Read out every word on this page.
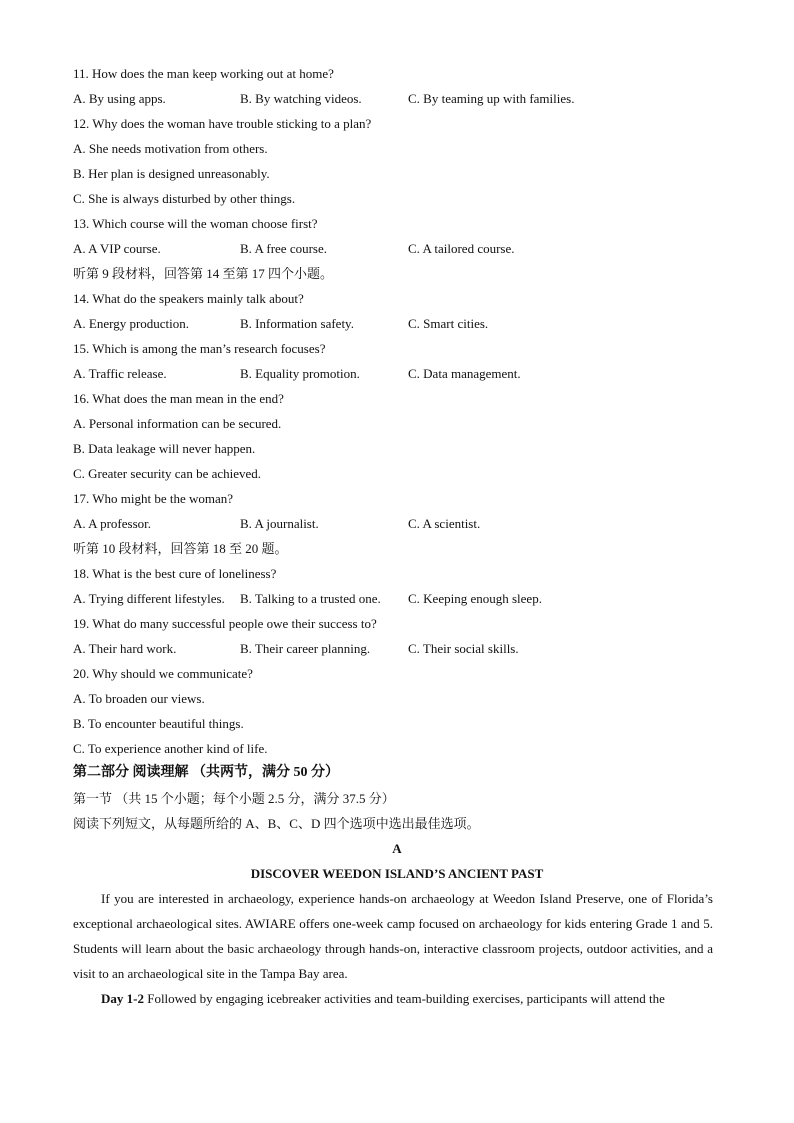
11. How does the man keep working out at home?
A. By using apps.	B. By watching videos.	C. By teaming up with families.
12. Why does the woman have trouble sticking to a plan?
A. She needs motivation from others.
B. Her plan is designed unreasonably.
C. She is always disturbed by other things.
13. Which course will the woman choose first?
A. A VIP course.	B. A free course.	C. A tailored course.
听第 9 段材料，回答第 14 至第 17 四个小题。
14. What do the speakers mainly talk about?
A. Energy production.	B. Information safety.	C. Smart cities.
15. Which is among the man’s research focuses?
A. Traffic release.	B. Equality promotion.	C. Data management.
16. What does the man mean in the end?
A. Personal information can be secured.
B. Data leakage will never happen.
C. Greater security can be achieved.
17. Who might be the woman?
A. A professor.	B. A journalist.	C. A scientist.
听第 10 段材料，回答第 18 至 20 题。
18. What is the best cure of loneliness?
A. Trying different lifestyles. B. Talking to a trusted one. C. Keeping enough sleep.
19. What do many successful people owe their success to?
A. Their hard work.	B. Their career planning.	C. Their social skills.
20. Why should we communicate?
A. To broaden our views.
B. To encounter beautiful things.
C. To experience another kind of life.
第二部分 阅读理解 （共两节，满分 50 分）
第一节 （共 15 个小题；每个小题 2.5 分，满分 37.5 分）
阅读下列短文，从每题所给的 A、B、C、D 四个选项中选出最佳选项。
A
DISCOVER WEEDON ISLAND’S ANCIENT PAST

If you are interested in archaeology, experience hands-on archaeology at Weedon Island Preserve, one of Florida’s exceptional archaeological sites. AWIARE offers one-week camp focused on archaeology for kids entering Grade 1 and 5. Students will learn about the basic archaeology through hands-on, interactive classroom projects, outdoor activities, and a visit to an archaeological site in the Tampa Bay area.

Day 1-2 Followed by engaging icebreaker activities and team-building exercises, participants will attend the
